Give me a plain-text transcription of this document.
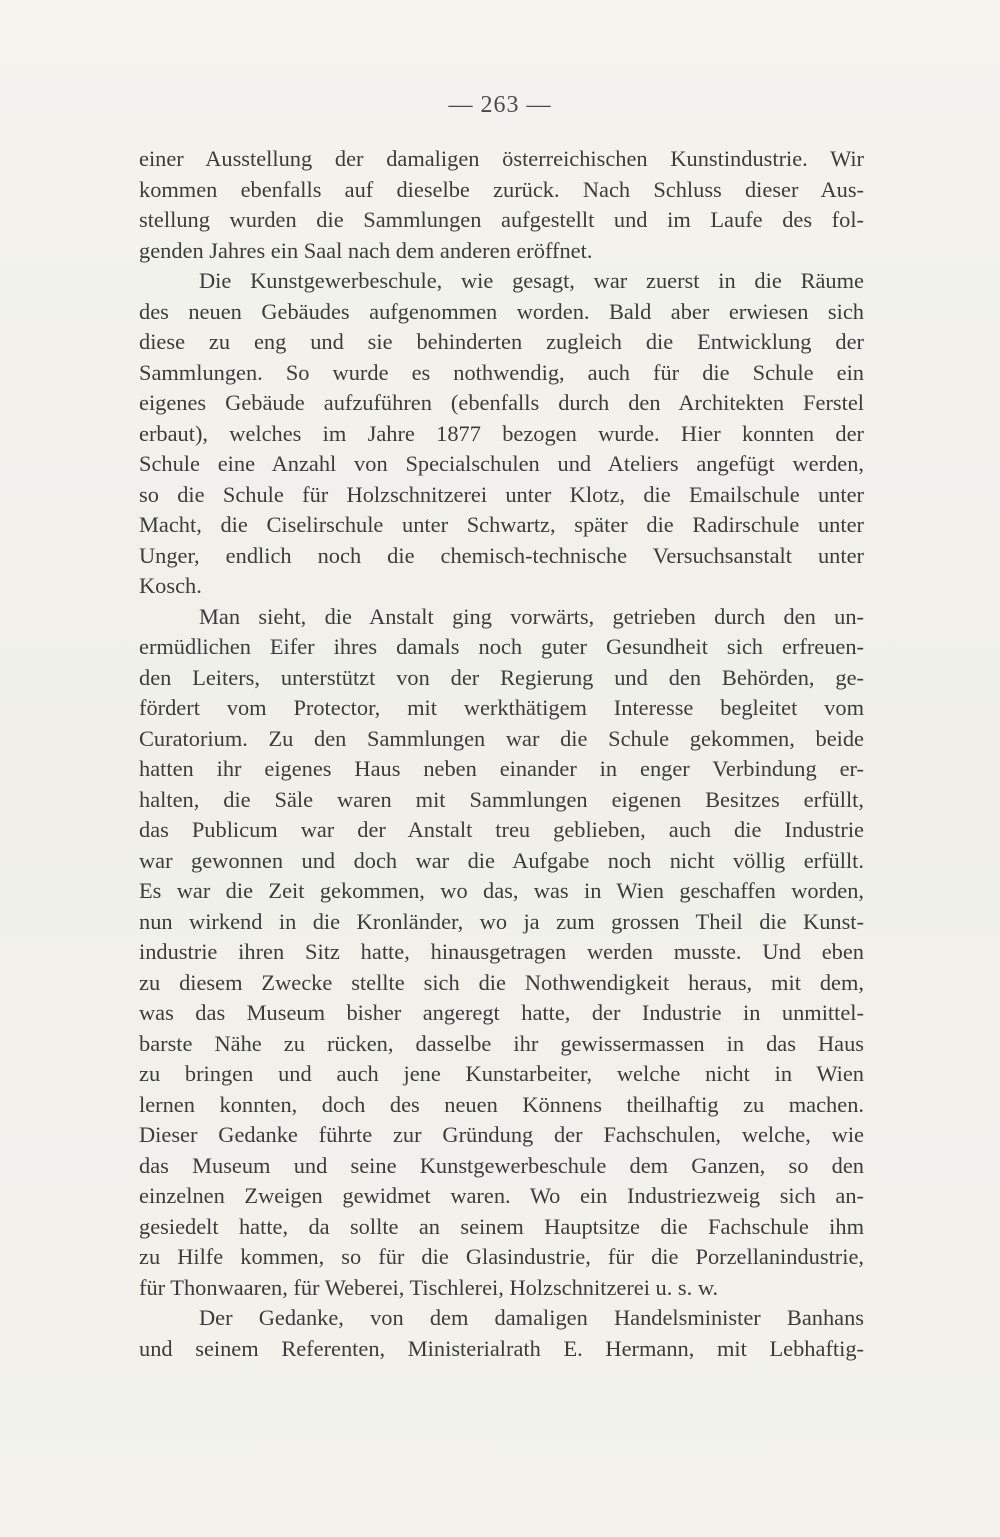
— 263 —
einer Ausstellung der damaligen österreichischen Kunstindustrie. Wir
kommen ebenfalls auf dieselbe zurück. Nach Schluss dieser Aus-
stellung wurden die Sammlungen aufgestellt und im Laufe des fol-
genden Jahres ein Saal nach dem anderen eröffnet.
Die Kunstgewerbeschule, wie gesagt, war zuerst in die Räume
des neuen Gebäudes aufgenommen worden. Bald aber erwiesen sich
diese zu eng und sie behinderten zugleich die Entwicklung der
Sammlungen. So wurde es nothwendig, auch für die Schule ein
eigenes Gebäude aufzuführen (ebenfalls durch den Architekten Ferstel
erbaut), welches im Jahre 1877 bezogen wurde. Hier konnten der
Schule eine Anzahl von Specialschulen und Ateliers angefügt werden,
so die Schule für Holzschnitzerei unter Klotz, die Emailschule unter
Macht, die Ciselirschule unter Schwartz, später die Radirschule unter
Unger, endlich noch die chemisch-technische Versuchsanstalt unter
Kosch.
Man sieht, die Anstalt ging vorwärts, getrieben durch den un-
ermüdlichen Eifer ihres damals noch guter Gesundheit sich erfreuen-
den Leiters, unterstützt von der Regierung und den Behörden, ge-
fördert vom Protector, mit werkthätigem Interesse begleitet vom
Curatorium. Zu den Sammlungen war die Schule gekommen, beide
hatten ihr eigenes Haus neben einander in enger Verbindung er-
halten, die Säle waren mit Sammlungen eigenen Besitzes erfüllt,
das Publicum war der Anstalt treu geblieben, auch die Industrie
war gewonnen und doch war die Aufgabe noch nicht völlig erfüllt.
Es war die Zeit gekommen, wo das, was in Wien geschaffen worden,
nun wirkend in die Kronländer, wo ja zum grossen Theil die Kunst-
industrie ihren Sitz hatte, hinausgetragen werden musste. Und eben
zu diesem Zwecke stellte sich die Nothwendigkeit heraus, mit dem,
was das Museum bisher angeregt hatte, der Industrie in unmittel-
barste Nähe zu rücken, dasselbe ihr gewissermassen in das Haus
zu bringen und auch jene Kunstarbeiter, welche nicht in Wien
lernen konnten, doch des neuen Könnens theilhaftig zu machen.
Dieser Gedanke führte zur Gründung der Fachschulen, welche, wie
das Museum und seine Kunstgewerbeschule dem Ganzen, so den
einzelnen Zweigen gewidmet waren. Wo ein Industriezweig sich an-
gesiedelt hatte, da sollte an seinem Hauptsitze die Fachschule ihm
zu Hilfe kommen, so für die Glasindustrie, für die Porzellanindustrie,
für Thonwaaren, für Weberei, Tischlerei, Holzschnitzerei u. s. w.
Der Gedanke, von dem damaligen Handelsminister Banhans
und seinem Referenten, Ministerialrath E. Hermann, mit Lebhaftig-
